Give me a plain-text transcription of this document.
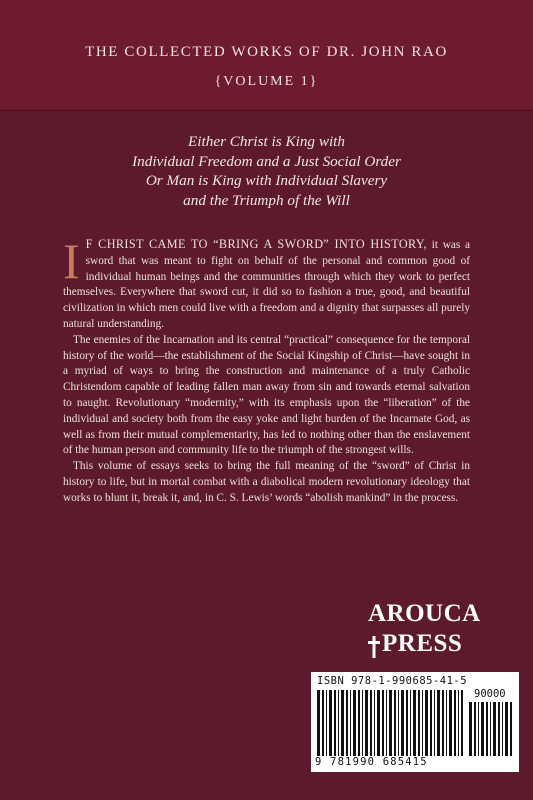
THE COLLECTED WORKS OF DR. JOHN RAO
{VOLUME 1}
Either Christ is King with
Individual Freedom and a Just Social Order
Or Man is King with Individual Slavery
and the Triumph of the Will

IF CHRIST CAME TO “BRING A SWORD” INTO HISTORY, it was a sword that was meant to fight on behalf of the personal and common good of individual human beings and the communities through which they work to perfect themselves. Everywhere that sword cut, it did so to fashion a true, good, and beautiful civilization in which men could live with a freedom and a dignity that surpasses all purely natural understanding.

The enemies of the Incarnation and its central “practical” consequence for the temporal history of the world—the establishment of the Social Kingship of Christ—have sought in a myriad of ways to bring the construction and maintenance of a truly Catholic Christendom capable of leading fallen man away from sin and towards eternal salvation to naught. Revolutionary “modernity,” with its emphasis upon the “liberation” of the individual and society both from the easy yoke and light burden of the Incarnate God, as well as from their mutual complementarity, has led to nothing other than the enslavement of the human person and community life to the triumph of the strongest wills.

This volume of essays seeks to bring the full meaning of the “sword” of Christ in history to life, but in mortal combat with a diabolical modern revolutionary ideology that works to blunt it, break it, and, in C. S. Lewis’ words “abolish mankind” in the process.

AROUCA
PRESS
ISBN 978-1-990685-41-5
90000
9 781990 685415
